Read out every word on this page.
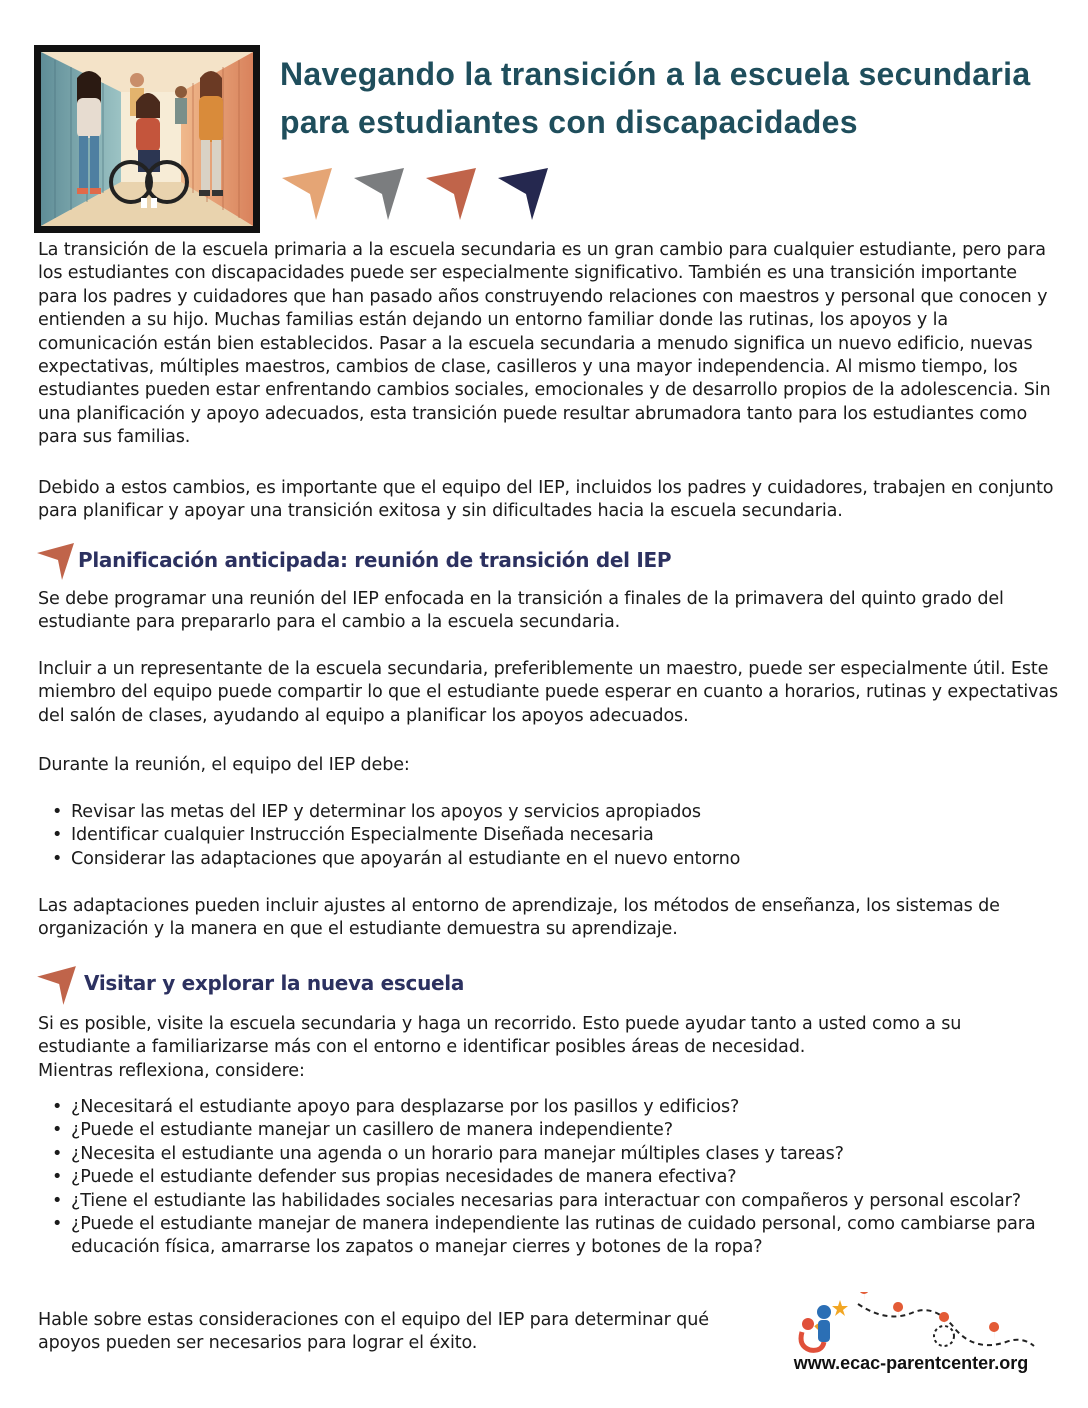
Navegando la transición a la escuela secundaria
para estudiantes con discapacidades

La transición de la escuela primaria a la escuela secundaria es un gran cambio para cualquier estudiante, pero para los estudiantes con discapacidades puede ser especialmente significativo. También es una transición importante para los padres y cuidadores que han pasado años construyendo relaciones con maestros y personal que conocen y entienden a su hijo. Muchas familias están dejando un entorno familiar donde las rutinas, los apoyos y la comunicación están bien establecidos. Pasar a la escuela secundaria a menudo significa un nuevo edificio, nuevas expectativas, múltiples maestros, cambios de clase, casilleros y una mayor independencia. Al mismo tiempo, los estudiantes pueden estar enfrentando cambios sociales, emocionales y de desarrollo propios de la adolescencia. Sin una planificación y apoyo adecuados, esta transición puede resultar abrumadora tanto para los estudiantes como para sus familias.

Debido a estos cambios, es importante que el equipo del IEP, incluidos los padres y cuidadores, trabajen en conjunto para planificar y apoyar una transición exitosa y sin dificultades hacia la escuela secundaria.

Planificación anticipada: reunión de transición del IEP

Se debe programar una reunión del IEP enfocada en la transición a finales de la primavera del quinto grado del estudiante para prepararlo para el cambio a la escuela secundaria.

Incluir a un representante de la escuela secundaria, preferiblemente un maestro, puede ser especialmente útil. Este miembro del equipo puede compartir lo que el estudiante puede esperar en cuanto a horarios, rutinas y expectativas del salón de clases, ayudando al equipo a planificar los apoyos adecuados.

Durante la reunión, el equipo del IEP debe:

• Revisar las metas del IEP y determinar los apoyos y servicios apropiados
• Identificar cualquier Instrucción Especialmente Diseñada necesaria
• Considerar las adaptaciones que apoyarán al estudiante en el nuevo entorno

Las adaptaciones pueden incluir ajustes al entorno de aprendizaje, los métodos de enseñanza, los sistemas de organización y la manera en que el estudiante demuestra su aprendizaje.

Visitar y explorar la nueva escuela

Si es posible, visite la escuela secundaria y haga un recorrido. Esto puede ayudar tanto a usted como a su estudiante a familiarizarse más con el entorno e identificar posibles áreas de necesidad.
Mientras reflexiona, considere:

• ¿Necesitará el estudiante apoyo para desplazarse por los pasillos y edificios?
• ¿Puede el estudiante manejar un casillero de manera independiente?
• ¿Necesita el estudiante una agenda o un horario para manejar múltiples clases y tareas?
• ¿Puede el estudiante defender sus propias necesidades de manera efectiva?
• ¿Tiene el estudiante las habilidades sociales necesarias para interactuar con compañeros y personal escolar?
• ¿Puede el estudiante manejar de manera independiente las rutinas de cuidado personal, como cambiarse para educación física, amarrarse los zapatos o manejar cierres y botones de la ropa?

Hable sobre estas consideraciones con el equipo del IEP para determinar qué apoyos pueden ser necesarios para lograr el éxito.

www.ecac-parentcenter.org
